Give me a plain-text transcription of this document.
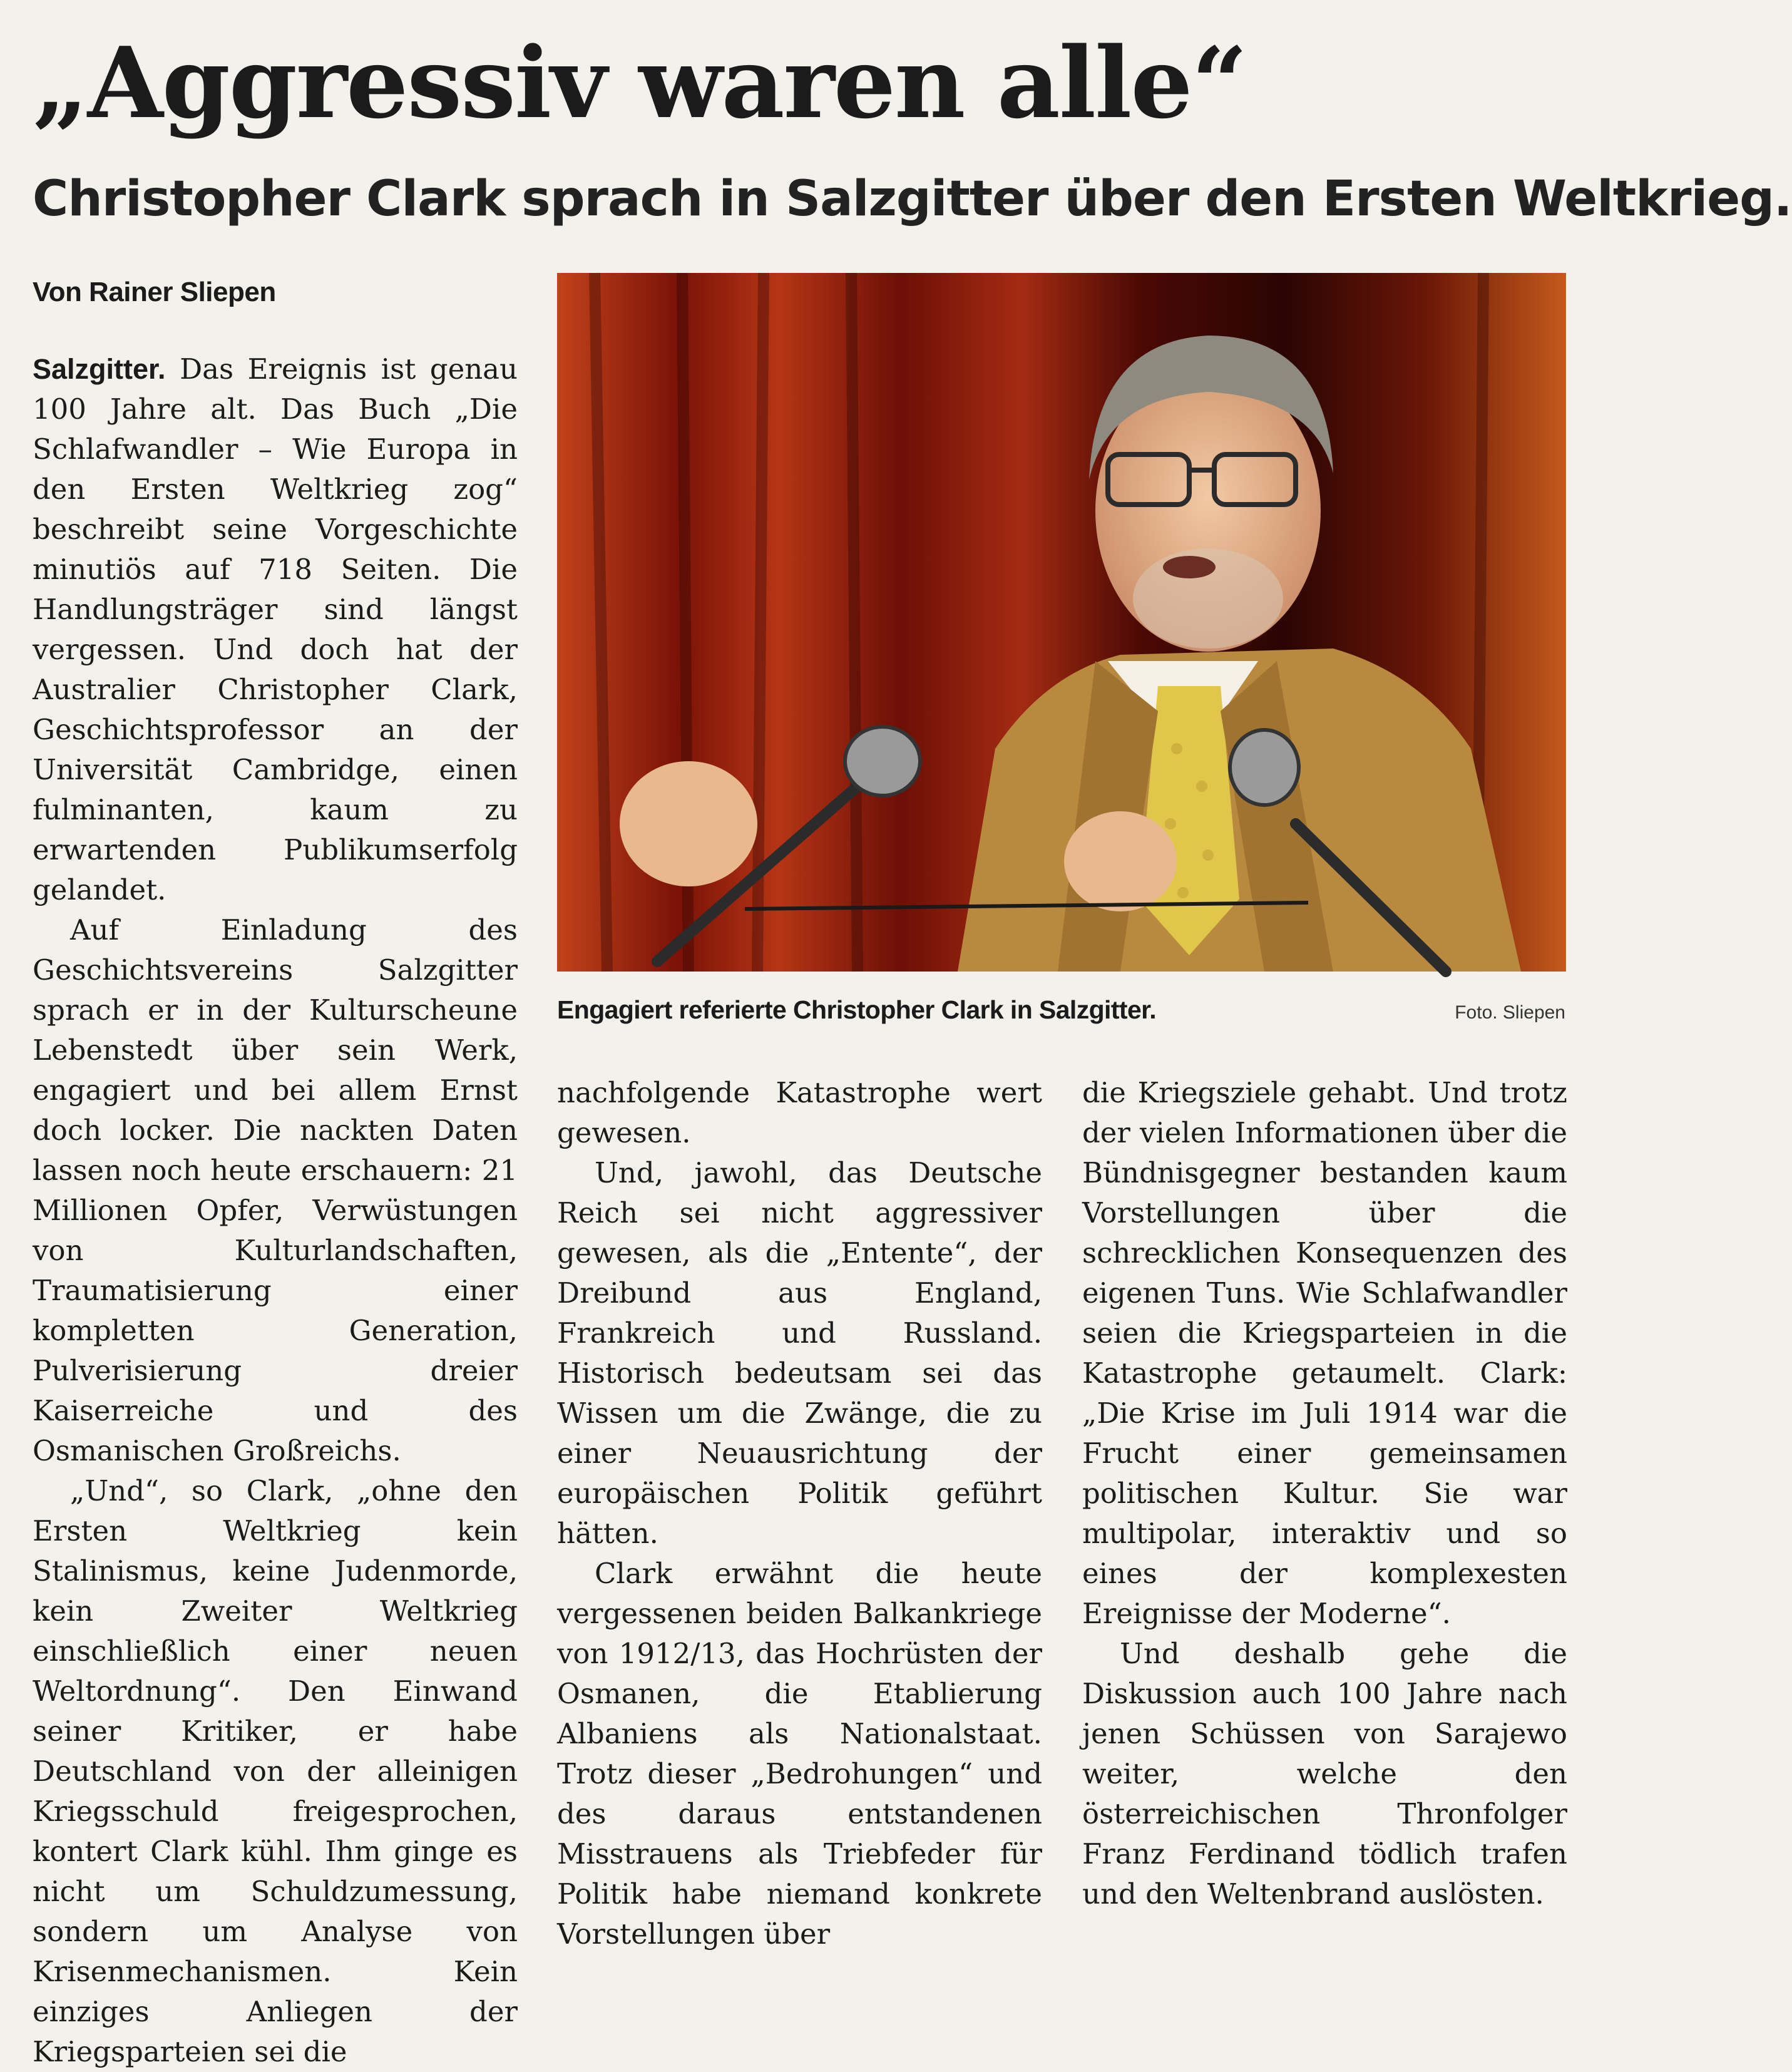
„Aggressiv waren alle“
Christopher Clark sprach in Salzgitter über den Ersten Weltkrieg.
Von Rainer Sliepen

Salzgitter. Das Ereignis ist genau 100 Jahre alt. Das Buch „Die Schlafwandler – Wie Europa in den Ersten Weltkrieg zog“ beschreibt seine Vorgeschichte minutiös auf 718 Seiten. Die Handlungsträger sind längst vergessen. Und doch hat der Australier Christopher Clark, Geschichtsprofessor an der Universität Cambridge, einen fulminanten, kaum zu erwartenden Publikumserfolg gelandet.

Auf Einladung des Geschichtsvereins Salzgitter sprach er in der Kulturscheune Lebenstedt über sein Werk, engagiert und bei allem Ernst doch locker. Die nackten Daten lassen noch heute erschauern: 21 Millionen Opfer, Verwüstungen von Kulturlandschaften, Traumatisierung einer kompletten Generation, Pulverisierung dreier Kaiserreiche und des Osmanischen Großreichs.

„Und“, so Clark, „ohne den Ersten Weltkrieg kein Stalinismus, keine Judenmorde, kein Zweiter Weltkrieg einschließlich einer neuen Weltordnung“. Den Einwand seiner Kritiker, er habe Deutschland von der alleinigen Kriegsschuld freigesprochen, kontert Clark kühl. Ihm ginge es nicht um Schuldzumessung, sondern um Analyse von Krisenmechanismen. Kein einziges Anliegen der Kriegsparteien sei die

Engagiert referierte Christopher Clark in Salzgitter.	Foto. Sliepen

nachfolgende Katastrophe wert gewesen.

Und, jawohl, das Deutsche Reich sei nicht aggressiver gewesen, als die „Entente“, der Dreibund aus England, Frankreich und Russland. Historisch bedeutsam sei das Wissen um die Zwänge, die zu einer Neuausrichtung der europäischen Politik geführt hätten.

Clark erwähnt die heute vergessenen beiden Balkankriege von 1912/13, das Hochrüsten der Osmanen, die Etablierung Albaniens als Nationalstaat. Trotz dieser „Bedrohungen“ und des daraus entstandenen Misstrauens als Triebfeder für Politik habe niemand konkrete Vorstellungen über

die Kriegsziele gehabt. Und trotz der vielen Informationen über die Bündnisgegner bestanden kaum Vorstellungen über die schrecklichen Konsequenzen des eigenen Tuns. Wie Schlafwandler seien die Kriegsparteien in die Katastrophe getaumelt. Clark: „Die Krise im Juli 1914 war die Frucht einer gemeinsamen politischen Kultur. Sie war multipolar, interaktiv und so eines der komplexesten Ereignisse der Moderne“.

Und deshalb gehe die Diskussion auch 100 Jahre nach jenen Schüssen von Sarajewo weiter, welche den österreichischen Thronfolger Franz Ferdinand tödlich trafen und den Weltenbrand auslösten.
